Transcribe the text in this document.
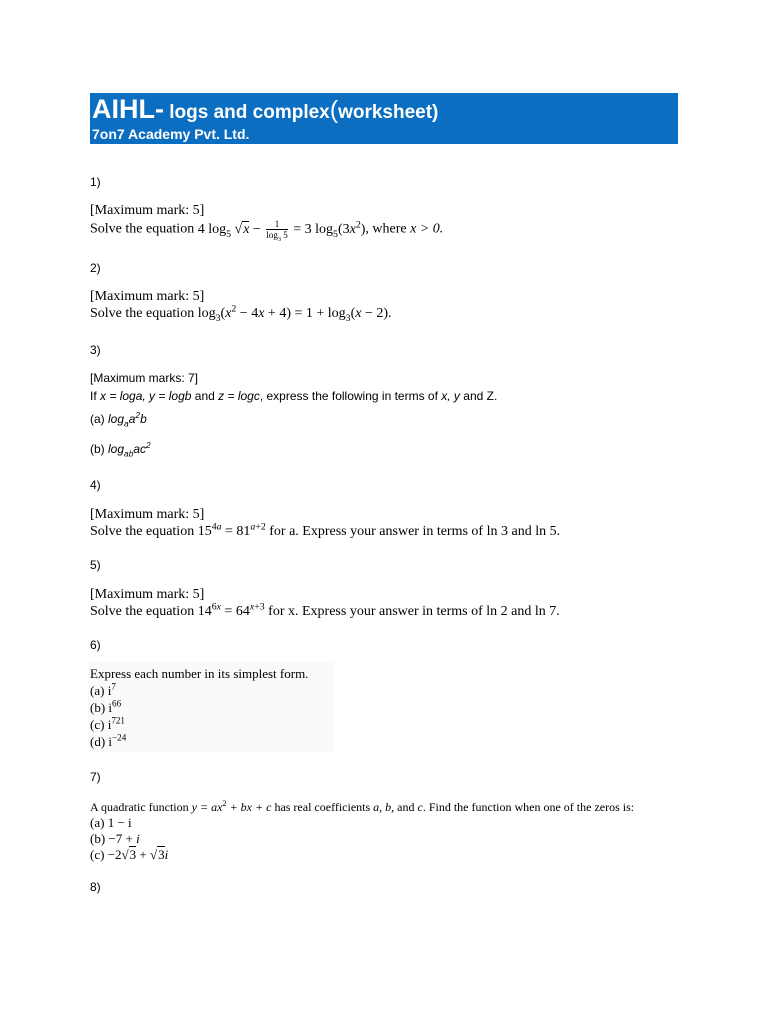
AIHL- logs and complex(worksheet)
7on7 Academy Pvt. Ltd.
1)
[Maximum mark: 5]
Solve the equation 4 $\log_5 √x - \frac{1}{\log_3 5} = 3$ $\log_5(3x^2)$, where x > 0.
2)
[Maximum mark: 5]
Solve the equation $\log_3(x^2 - 4x + 4) = 1 + \log_3(x - 2)$.
3)
[Maximum marks: 7]
If x = loga, y = logb and z = logc, express the following in terms of x, y and Z.
(a) $\log_aa^2b$
(b) $\log_{ab}ac^2$
4)
[Maximum mark: 5]
Solve the equation $15^{4a} = 81^{a+2}$ for a. Express your answer in terms of ln 3 and ln 5.
5)
[Maximum mark: 5]
Solve the equation $14^{6x} = 64^{x+3}$ for x. Express your answer in terms of ln 2 and ln 7.
6)
Express each number in its simplest form.
(a) $i^7$
(b) $i^{66}$
(c) $i^{721}$
(d) $i^{-24}$
7)
A quadratic function $y = ax^2$ + bx + c has real coefficients a, b, and c. Find the function when one of the zeros is:
(a) 1 − i
(b) −7 + i
(c) −2√3 + √3i
8)
